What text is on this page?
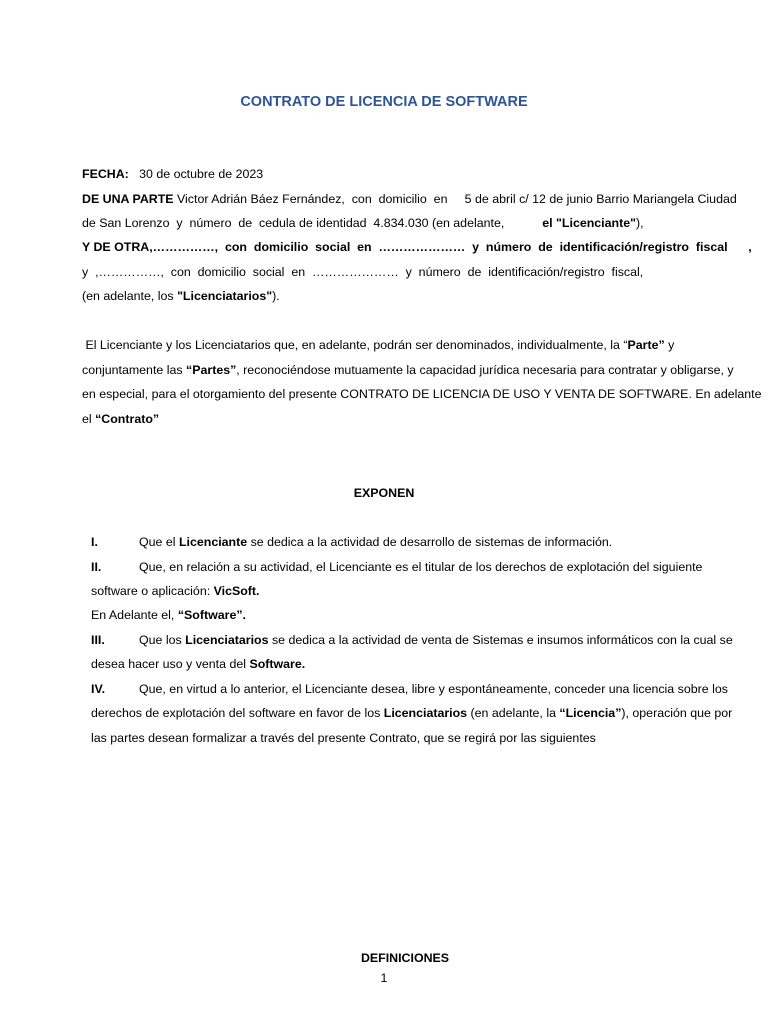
CONTRATO DE LICENCIA DE SOFTWARE
FECHA: 30 de octubre de 2023
DE UNA PARTE Victor Adrián Báez Fernández,  con  domicilio  en     5 de abril c/ 12 de junio Barrio Mariangela Ciudad
de San Lorenzo  y  número  de  cedula de identidad  4.834.030 (en adelante,	el "Licenciante"),
Y DE OTRA,……………,  con  domicilio  social  en  …………………  y  número  de  identificación/registro  fiscal      ,
y  ,……………,  con  domicilio  social  en  …………………  y  número  de  identificación/registro  fiscal,
(en adelante, los "Licenciatarios").
El Licenciante y los Licenciatarios que, en adelante, podrán ser denominados, individualmente, la “Parte” y
conjuntamente las “Partes”, reconociéndose mutuamente la capacidad jurídica necesaria para contratar y obligarse, y
en especial, para el otorgamiento del presente CONTRATO DE LICENCIA DE USO Y VENTA DE SOFTWARE. En adelante
el “Contrato”
EXPONEN
I.	Que el Licenciante se dedica a la actividad de desarrollo de sistemas de información.
II.	Que, en relación a su actividad, el Licenciante es el titular de los derechos de explotación del siguiente
software o aplicación: VicSoft.
En Adelante el, “Software”.
III.	Que los Licenciatarios se dedica a la actividad de venta de Sistemas e insumos informáticos con la cual se
desea hacer uso y venta del Software.
IV.	Que, en virtud a lo anterior, el Licenciante desea, libre y espontáneamente, conceder una licencia sobre los
derechos de explotación del software en favor de los Licenciatarios (en adelante, la “Licencia”), operación que por
las partes desean formalizar a través del presente Contrato, que se regirá por las siguientes
DEFINICIONES
1
